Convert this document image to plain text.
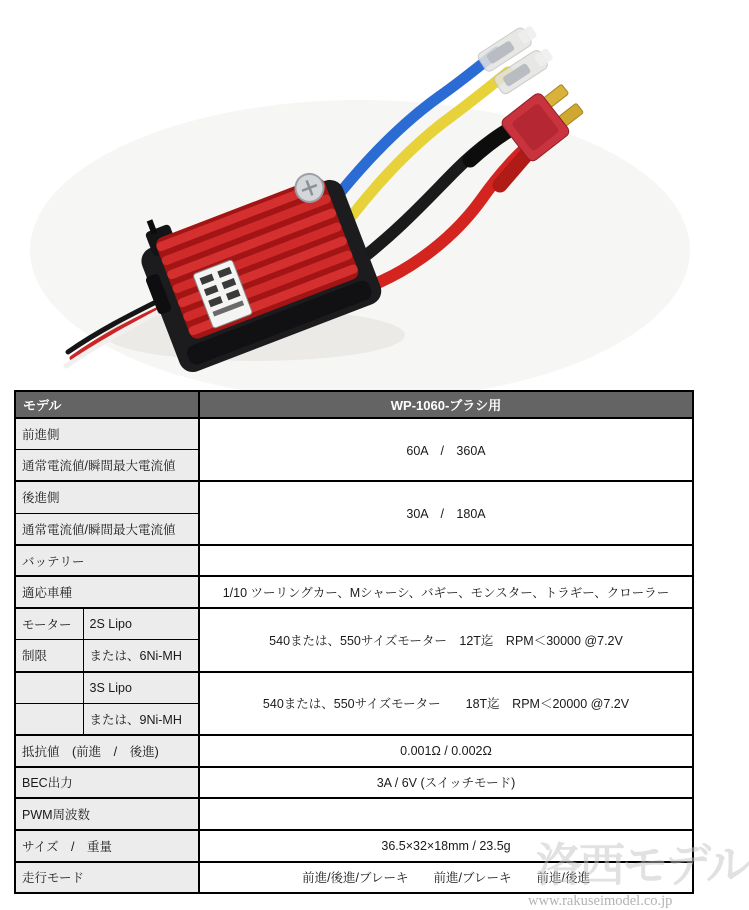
モデル		WP-1060-ブラシ用
前進側		60A　/　360A
通常電流値/瞬間最大電流値		
後進側		30A　/　180A
通常電流値/瞬間最大電流値		
バッテリー		
適応車種		1/10 ツーリングカー、Mシャーシ、バギー、モンスター、トラギー、クローラー
モーター	2S Lipo	540または、550サイズモーター　12T迄　RPM＜30000 @7.2V
制限	または、6Ni-MH	
	3S Lipo	540または、550サイズモーター　　18T迄　RPM＜20000 @7.2V
	または、9Ni-MH	
抵抗値　(前進　/　後進)		0.001Ω / 0.002Ω
BEC出力		3A / 6V (スイッチモード)
PWM周波数		
サイズ　/　重量		36.5×32×18mm / 23.5g
走行モード		前進/後進/ブレーキ　　前進/ブレーキ　　前進/後進
洛西モデル
www.rakuseimodel.co.jp
